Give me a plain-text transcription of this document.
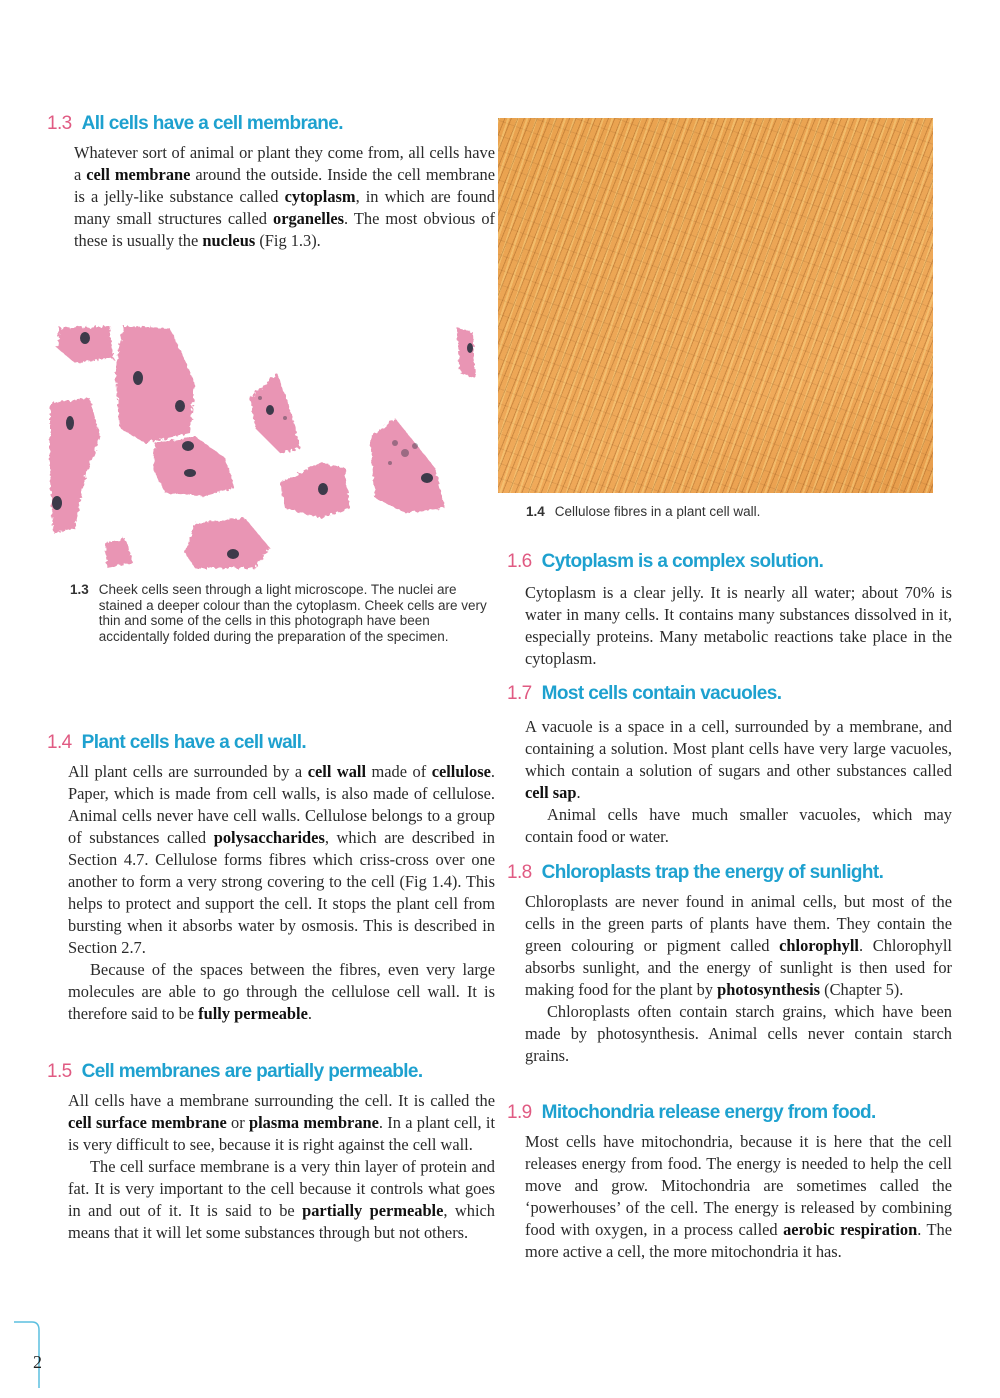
1.3 All cells have a cell membrane.

Whatever sort of animal or plant they come from, all cells have a cell membrane around the outside. Inside the cell membrane is a jelly-like substance called cytoplasm, in which are found many small structures called organelles. The most obvious of these is usually the nucleus (Fig 1.3).

1.3 Cheek cells seen through a light microscope. The nuclei are stained a deeper colour than the cytoplasm. Cheek cells are very thin and some of the cells in this photograph have been accidentally folded during the preparation of the specimen.
1.4 Plant cells have a cell wall.

All plant cells are surrounded by a cell wall made of cellulose. Paper, which is made from cell walls, is also made of cellulose. Animal cells never have cell walls. Cellulose belongs to a group of substances called polysaccharides, which are described in Section 4.7. Cellulose forms fibres which criss-cross over one another to form a very strong covering to the cell (Fig 1.4). This helps to protect and support the cell. It stops the plant cell from bursting when it absorbs water by osmosis. This is described in Section 2.7.

Because of the spaces between the fibres, even very large molecules are able to go through the cellulose cell wall. It is therefore said to be fully permeable.

1.5 Cell membranes are partially permeable.

All cells have a membrane surrounding the cell. It is called the cell surface membrane or plasma membrane. In a plant cell, it is very difficult to see, because it is right against the cell wall.

The cell surface membrane is a very thin layer of protein and fat. It is very important to the cell because it controls what goes in and out of it. It is said to be partially permeable, which means that it will let some substances through but not others.

1.4 Cellulose fibres in a plant cell wall.
1.6 Cytoplasm is a complex solution.

Cytoplasm is a clear jelly. It is nearly all water; about 70% is water in many cells. It contains many substances dissolved in it, especially proteins. Many metabolic reactions take place in the cytoplasm.

1.7 Most cells contain vacuoles.

A vacuole is a space in a cell, surrounded by a membrane, and containing a solution. Most plant cells have very large vacuoles, which contain a solution of sugars and other substances called cell sap.

Animal cells have much smaller vacuoles, which may contain food or water.

1.8 Chloroplasts trap the energy of sunlight.

Chloroplasts are never found in animal cells, but most of the cells in the green parts of plants have them. They contain the green colouring or pigment called chlorophyll. Chlorophyll absorbs sunlight, and the energy of sunlight is then used for making food for the plant by photosynthesis (Chapter 5).

Chloroplasts often contain starch grains, which have been made by photosynthesis. Animal cells never contain starch grains.

1.9 Mitochondria release energy from food.

Most cells have mitochondria, because it is here that the cell releases energy from food. The energy is needed to help the cell move and grow. Mitochondria are sometimes called the ‘powerhouses’ of the cell. The energy is released by combining food with oxygen, in a process called aerobic respiration. The more active a cell, the more mitochondria it has.

2
